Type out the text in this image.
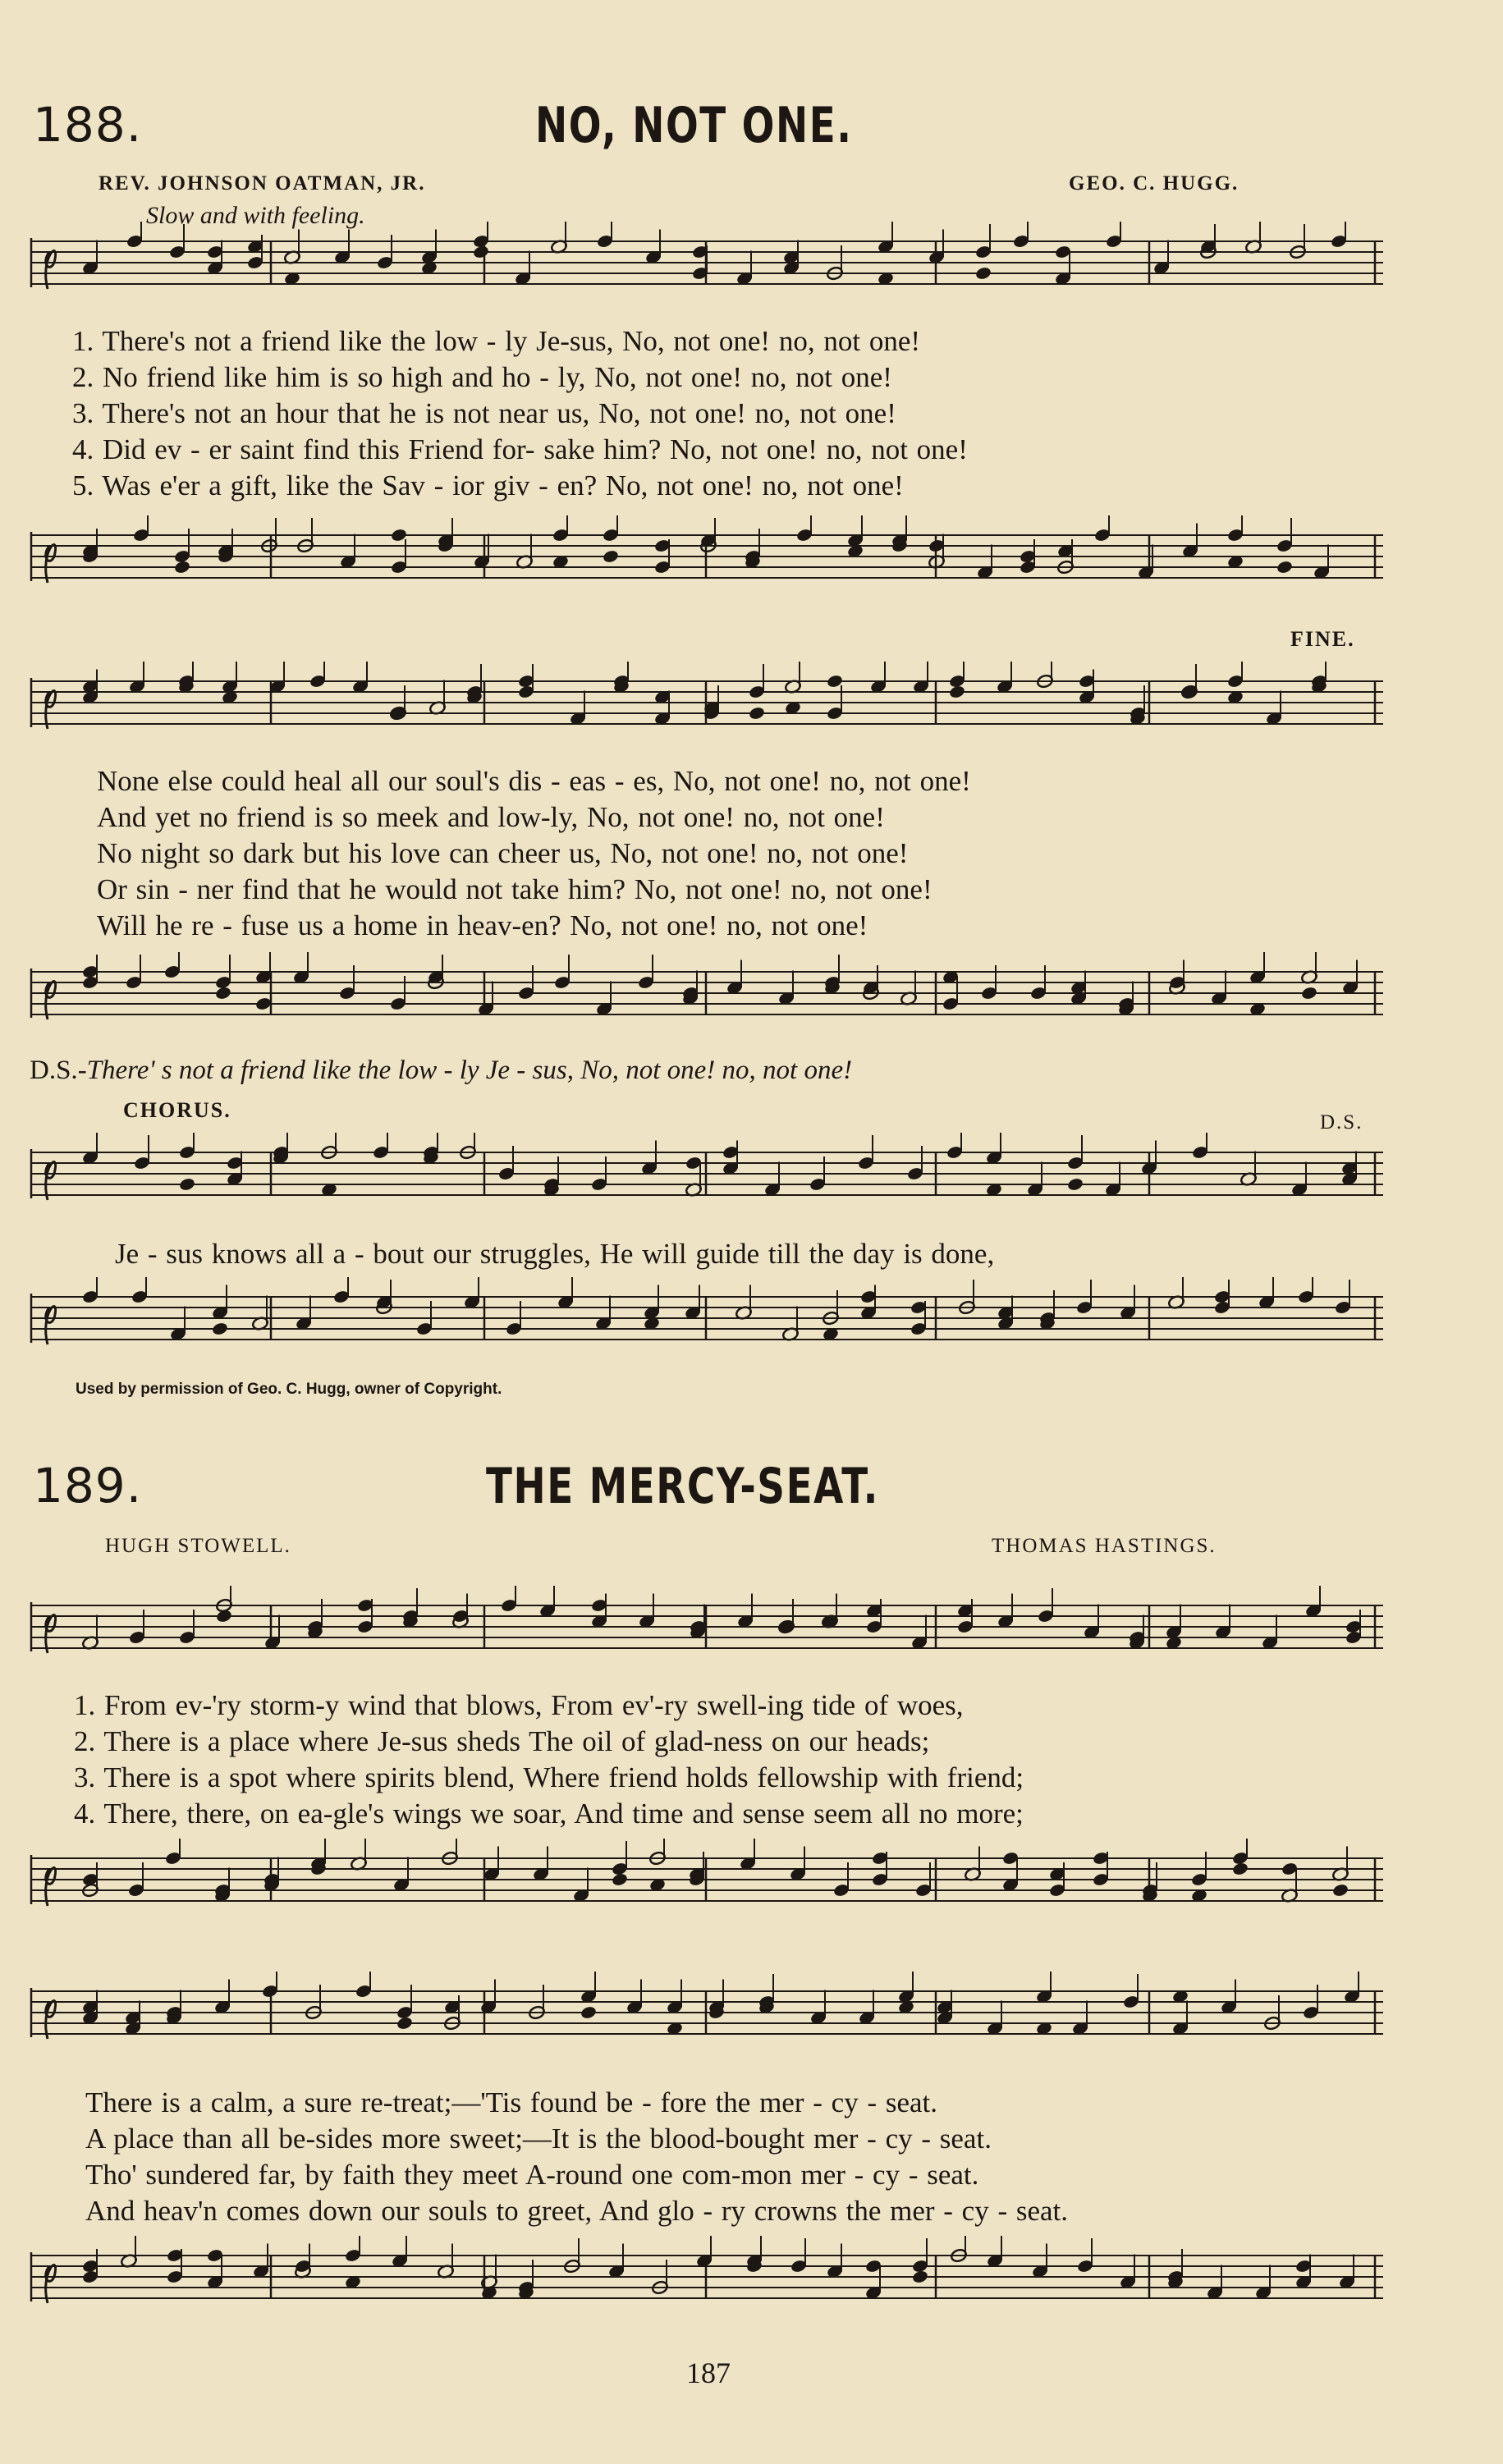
188.	NO, NOT ONE.
REV. JOHNSON OATMAN, JR.	GEO. C. HUGG.
Slow and with feeling.
1. There's not a friend like the low - ly Je-sus, No, not one! no, not one!
2. No friend like him is so high and ho - ly, No, not one! no, not one!
3. There's not an hour that he is not near us, No, not one! no, not one!
4. Did ev - er saint find this Friend for- sake him? No, not one! no, not one!
5. Was e'er a gift, like the Sav - ior giv - en? No, not one! no, not one!
FINE.
None else could heal all our soul's dis - eas - es, No, not one! no, not one!
And yet no friend is so meek and low-ly, No, not one! no, not one!
No night so dark but his love can cheer us, No, not one! no, not one!
Or sin - ner find that he would not take him? No, not one! no, not one!
Will he re - fuse us a home in heav-en? No, not one! no, not one!
D.S.-There' s not a friend like the low - ly Je - sus, No, not one! no, not one!
CHORUS.
D.S.
Je - sus knows all a - bout our struggles, He will guide till the day is done,
Used by permission of Geo. C. Hugg, owner of Copyright.
189.	THE MERCY-SEAT.
HUGH STOWELL.	THOMAS HASTINGS.
1. From ev-'ry storm-y wind that blows, From ev'-ry swell-ing tide of woes,
2. There is a place where Je-sus sheds The oil of glad-ness on our heads;
3. There is a spot where spirits blend, Where friend holds fellowship with friend;
4. There, there, on ea-gle's wings we soar, And time and sense seem all no more;
There is a calm, a sure re-treat;—'Tis found be - fore the mer - cy - seat.
A place than all be-sides more sweet;—It is the blood-bought mer - cy - seat.
Tho' sundered far, by faith they meet A-round one com-mon mer - cy - seat.
And heav'n comes down our souls to greet, And glo - ry crowns the mer - cy - seat.
187
